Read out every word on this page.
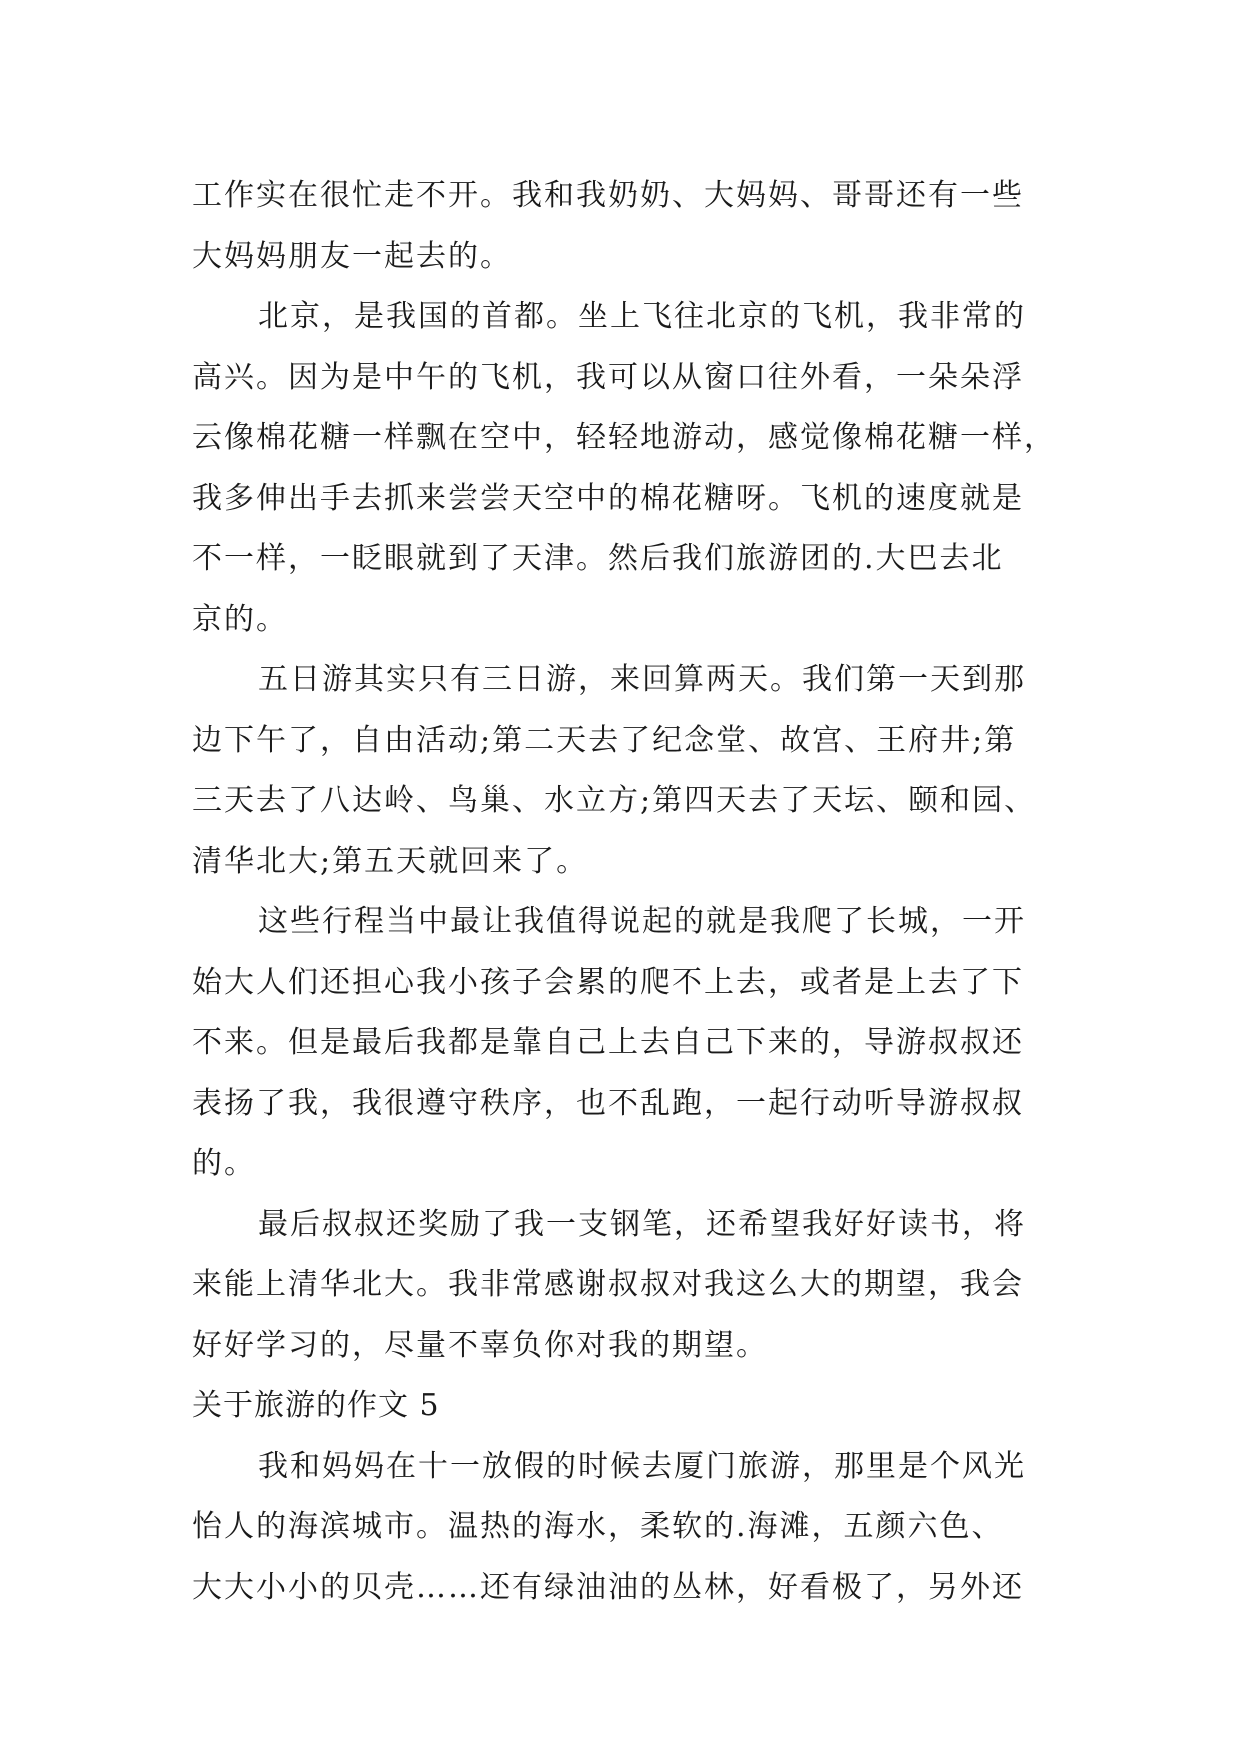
工作实在很忙走不开。我和我奶奶、大妈妈、哥哥还有一些
大妈妈朋友一起去的。
北京，是我国的首都。坐上飞往北京的飞机，我非常的
高兴。因为是中午的飞机，我可以从窗口往外看，一朵朵浮
云像棉花糖一样飘在空中，轻轻地游动，感觉像棉花糖一样，
我多伸出手去抓来尝尝天空中的棉花糖呀。飞机的速度就是
不一样，一眨眼就到了天津。然后我们旅游团的.大巴去北
京的。
五日游其实只有三日游，来回算两天。我们第一天到那
边下午了，自由活动;第二天去了纪念堂、故宫、王府井;第
三天去了八达岭、鸟巢、水立方;第四天去了天坛、颐和园、
清华北大;第五天就回来了。
这些行程当中最让我值得说起的就是我爬了长城，一开
始大人们还担心我小孩子会累的爬不上去，或者是上去了下
不来。但是最后我都是靠自己上去自己下来的，导游叔叔还
表扬了我，我很遵守秩序，也不乱跑，一起行动听导游叔叔
的。
最后叔叔还奖励了我一支钢笔，还希望我好好读书，将
来能上清华北大。我非常感谢叔叔对我这么大的期望，我会
好好学习的，尽量不辜负你对我的期望。
关于旅游的作文 5
我和妈妈在十一放假的时候去厦门旅游，那里是个风光
怡人的海滨城市。温热的海水，柔软的.海滩，五颜六色、
大大小小的贝壳……还有绿油油的丛林，好看极了，另外还
